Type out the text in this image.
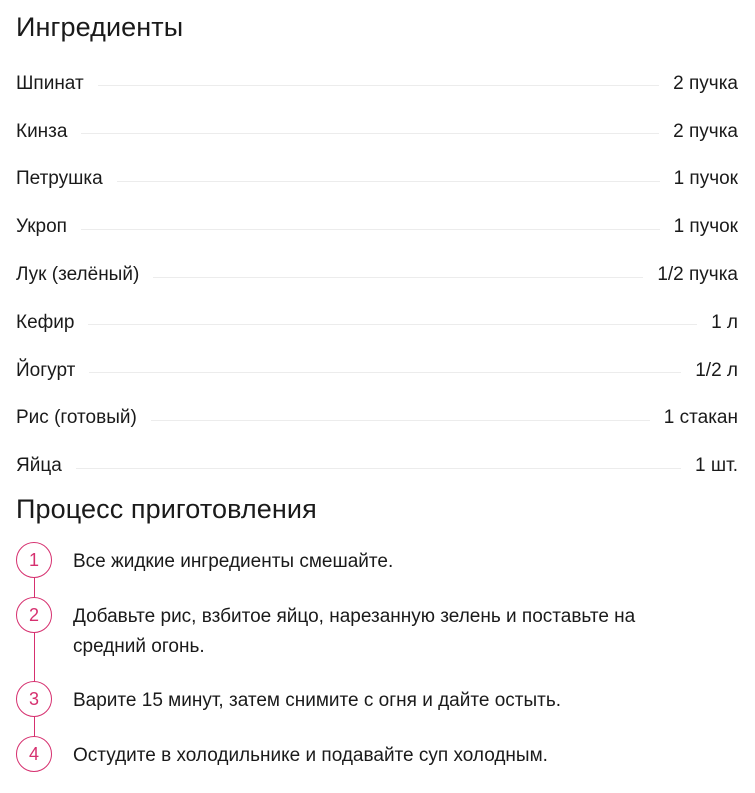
Ингредиенты
Шпинат	2 пучка
Кинза	2 пучка
Петрушка	1 пучок
Укроп	1 пучок
Лук (зелёный)	1/2 пучка
Кефир	1 л
Йогурт	1/2 л
Рис (готовый)	1 стакан
Яйца	1 шт.
Процесс приготовления
1	Все жидкие ингредиенты смешайте.
2	Добавьте рис, взбитое яйцо, нарезанную зелень и поставьте на средний огонь.
3	Варите 15 минут, затем снимите с огня и дайте остыть.
4	Остудите в холодильнике и подавайте суп холодным.
